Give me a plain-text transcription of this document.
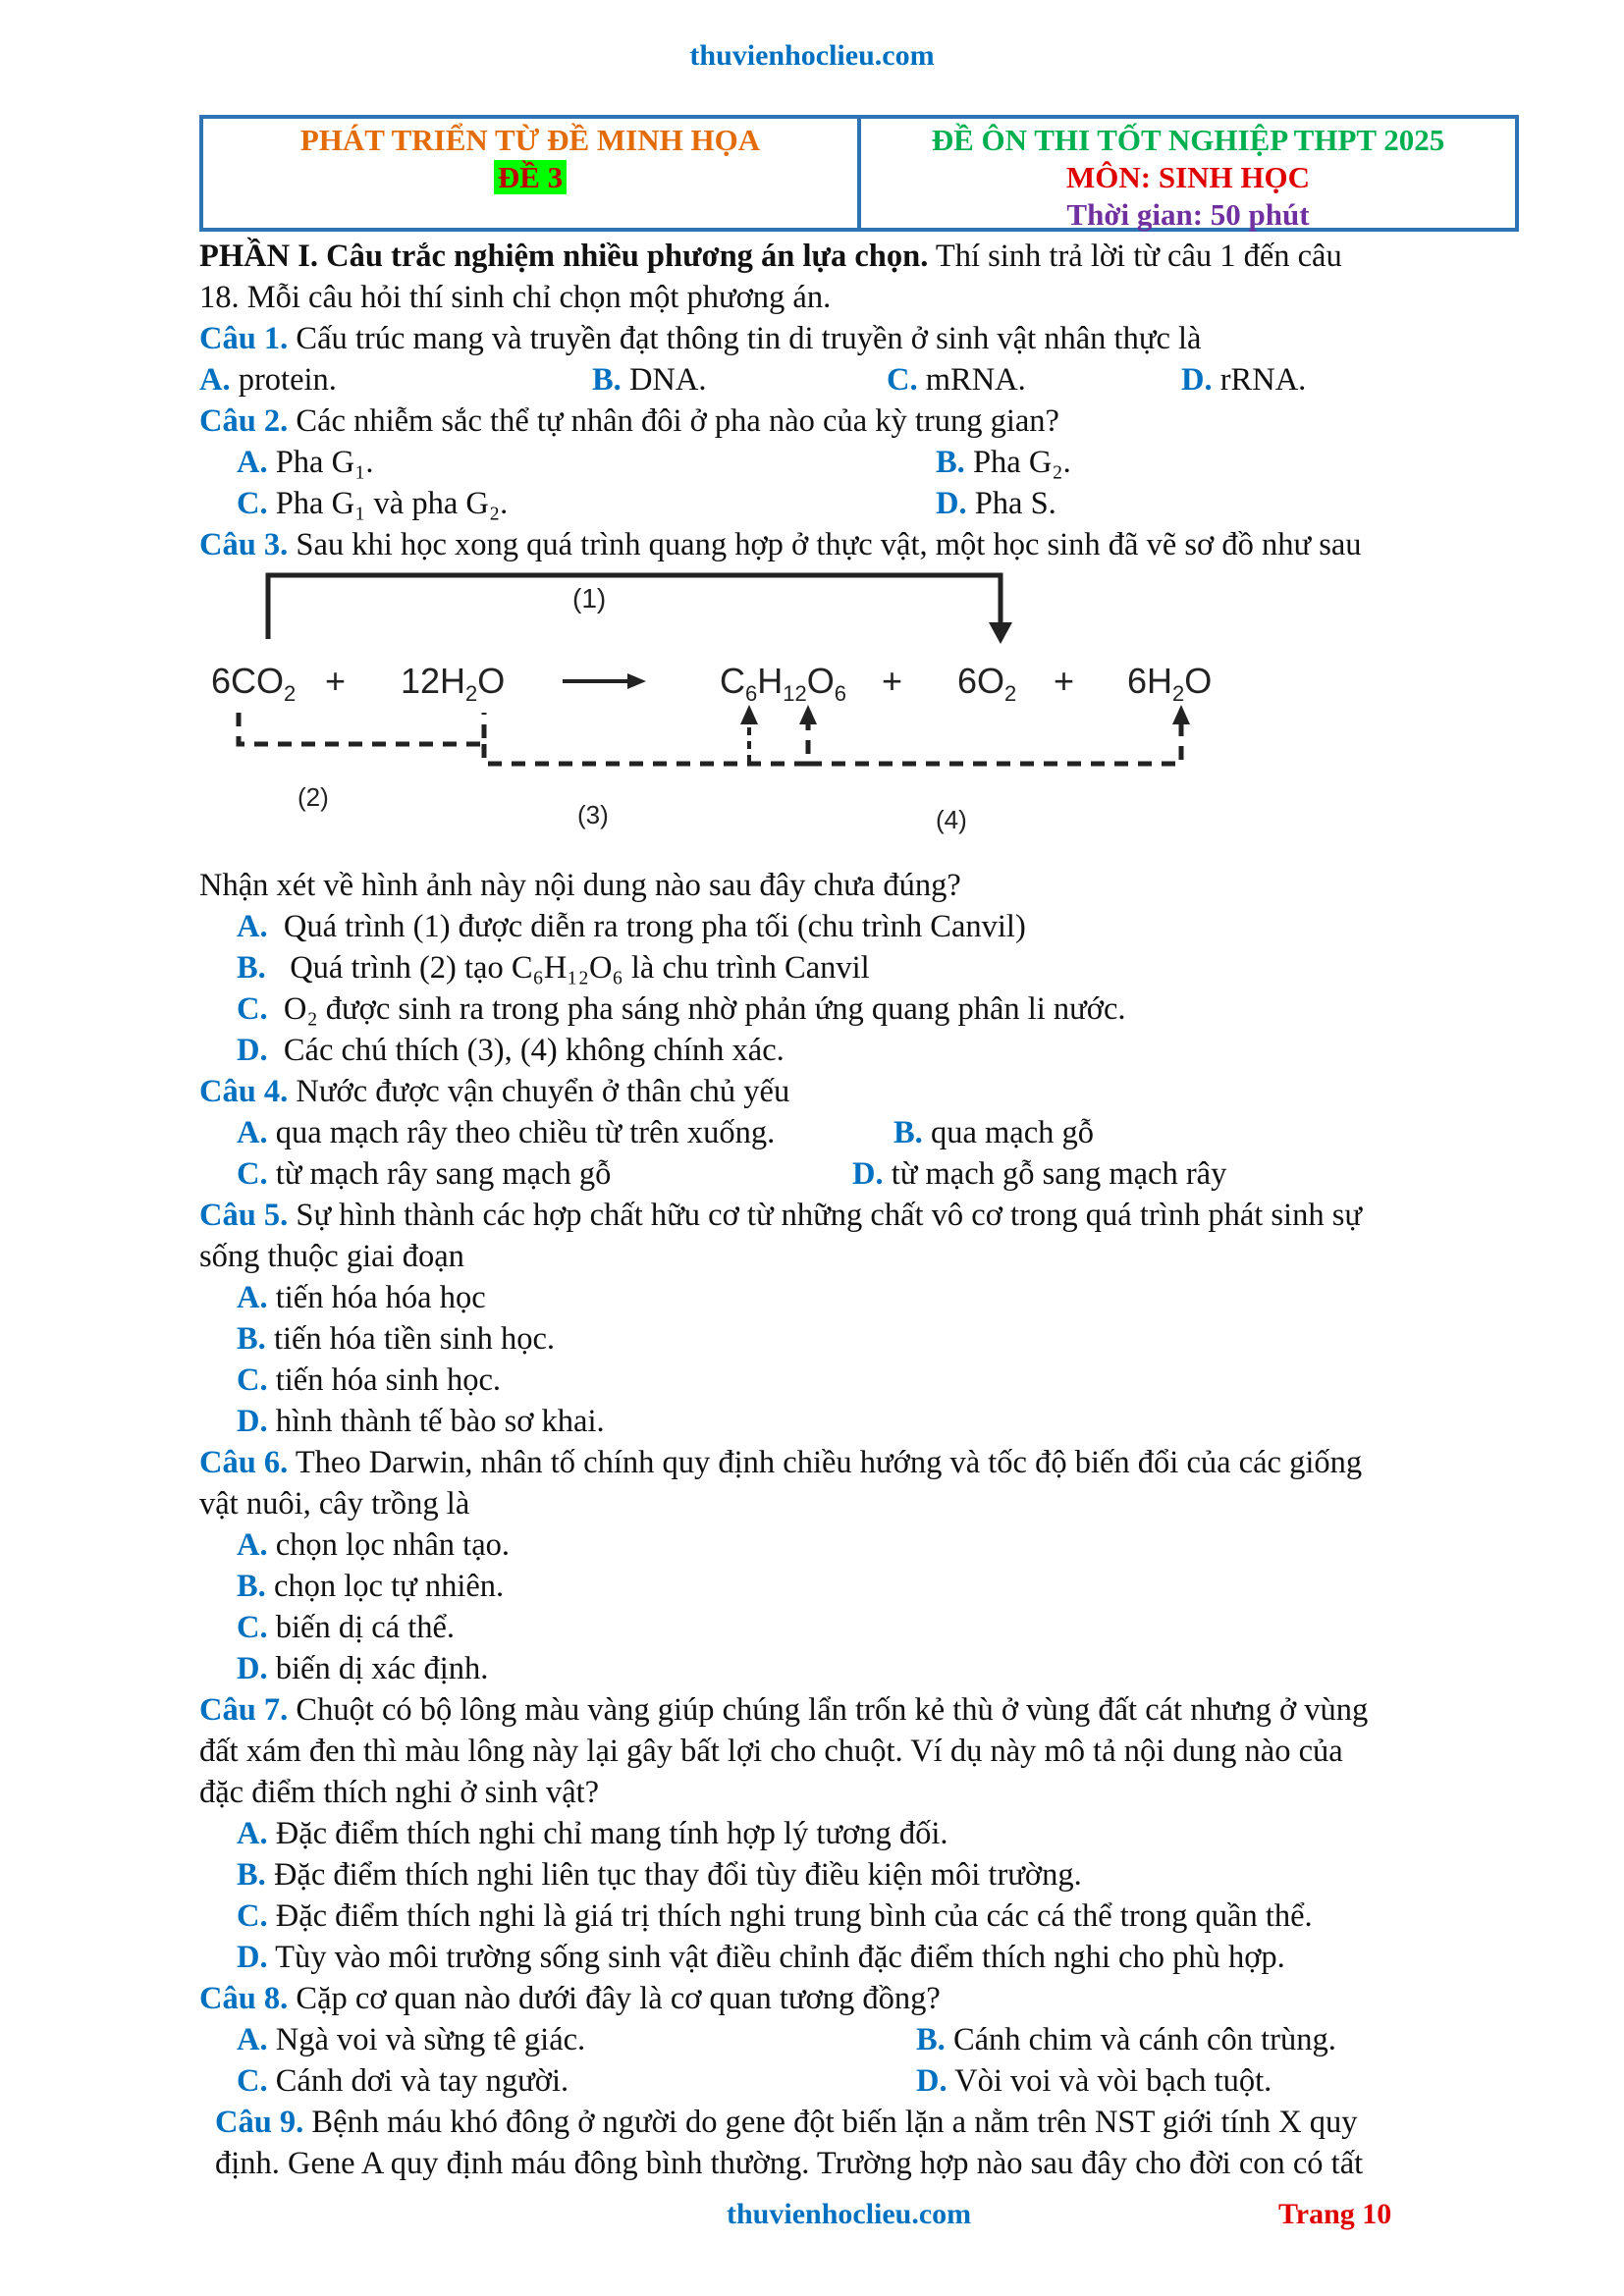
thuvienhoclieu.com
PHÁT TRIỂN TỪ ĐỀ MINH HỌA
ĐỀ 3
ĐỀ ÔN THI TỐT NGHIỆP THPT 2025
MÔN: SINH HỌC
Thời gian: 50 phút
PHẦN I. Câu trắc nghiệm nhiều phương án lựa chọn. Thí sinh trả lời từ câu 1 đến câu
18. Mỗi câu hỏi thí sinh chỉ chọn một phương án.
Câu 1. Cấu trúc mang và truyền đạt thông tin di truyền ở sinh vật nhân thực là
A. protein.	B. DNA.	C. mRNA.	D. rRNA.
Câu 2. Các nhiễm sắc thể tự nhân đôi ở pha nào của kỳ trung gian?
A. Pha G₁.	B. Pha G₂.
C. Pha G₁ và pha G₂.	D. Pha S.
Câu 3. Sau khi học xong quá trình quang hợp ở thực vật, một học sinh đã vẽ sơ đồ như sau
(1)
$6CO_2 + 12H_2O$	$C_6H_{12}O_6 + 6O_2 + 6H_2O$
(2)
(3)	(4)
Nhận xét về hình ảnh này nội dung nào sau đây chưa đúng?
A. Quá trình (1) được diễn ra trong pha tối (chu trình Canvil)
B. Quá trình (2) tạo C₆H₁₂O₆ là chu trình Canvil
C. O₂ được sinh ra trong pha sáng nhờ phản ứng quang phân li nước.
D. Các chú thích (3), (4) không chính xác.
Câu 4. Nước được vận chuyển ở thân chủ yếu
A. qua mạch rây theo chiều từ trên xuống.	B. qua mạch gỗ
C. từ mạch rây sang mạch gỗ	D. từ mạch gỗ sang mạch rây
Câu 5. Sự hình thành các hợp chất hữu cơ từ những chất vô cơ trong quá trình phát sinh sự
sống thuộc giai đoạn
A. tiến hóa hóa học
B. tiến hóa tiền sinh học.
C. tiến hóa sinh học.
D. hình thành tế bào sơ khai.
Câu 6. Theo Darwin, nhân tố chính quy định chiều hướng và tốc độ biến đổi của các giống
vật nuôi, cây trồng là
A. chọn lọc nhân tạo.
B. chọn lọc tự nhiên.
C. biến dị cá thể.
D. biến dị xác định.
Câu 7. Chuột có bộ lông màu vàng giúp chúng lẩn trốn kẻ thù ở vùng đất cát nhưng ở vùng
đất xám đen thì màu lông này lại gây bất lợi cho chuột. Ví dụ này mô tả nội dung nào của
đặc điểm thích nghi ở sinh vật?
A. Đặc điểm thích nghi chỉ mang tính hợp lý tương đối.
B. Đặc điểm thích nghi liên tục thay đổi tùy điều kiện môi trường.
C. Đặc điểm thích nghi là giá trị thích nghi trung bình của các cá thể trong quần thể.
D. Tùy vào môi trường sống sinh vật điều chỉnh đặc điểm thích nghi cho phù hợp.
Câu 8. Cặp cơ quan nào dưới đây là cơ quan tương đồng?
A. Ngà voi và sừng tê giác.	B. Cánh chim và cánh côn trùng.
C. Cánh dơi và tay người.	D. Vòi voi và vòi bạch tuột.
Câu 9. Bệnh máu khó đông ở người do gene đột biến lặn a nằm trên NST giới tính X quy
định. Gene A quy định máu đông bình thường. Trường hợp nào sau đây cho đời con có tất
thuvienhoclieu.com	Trang 10
